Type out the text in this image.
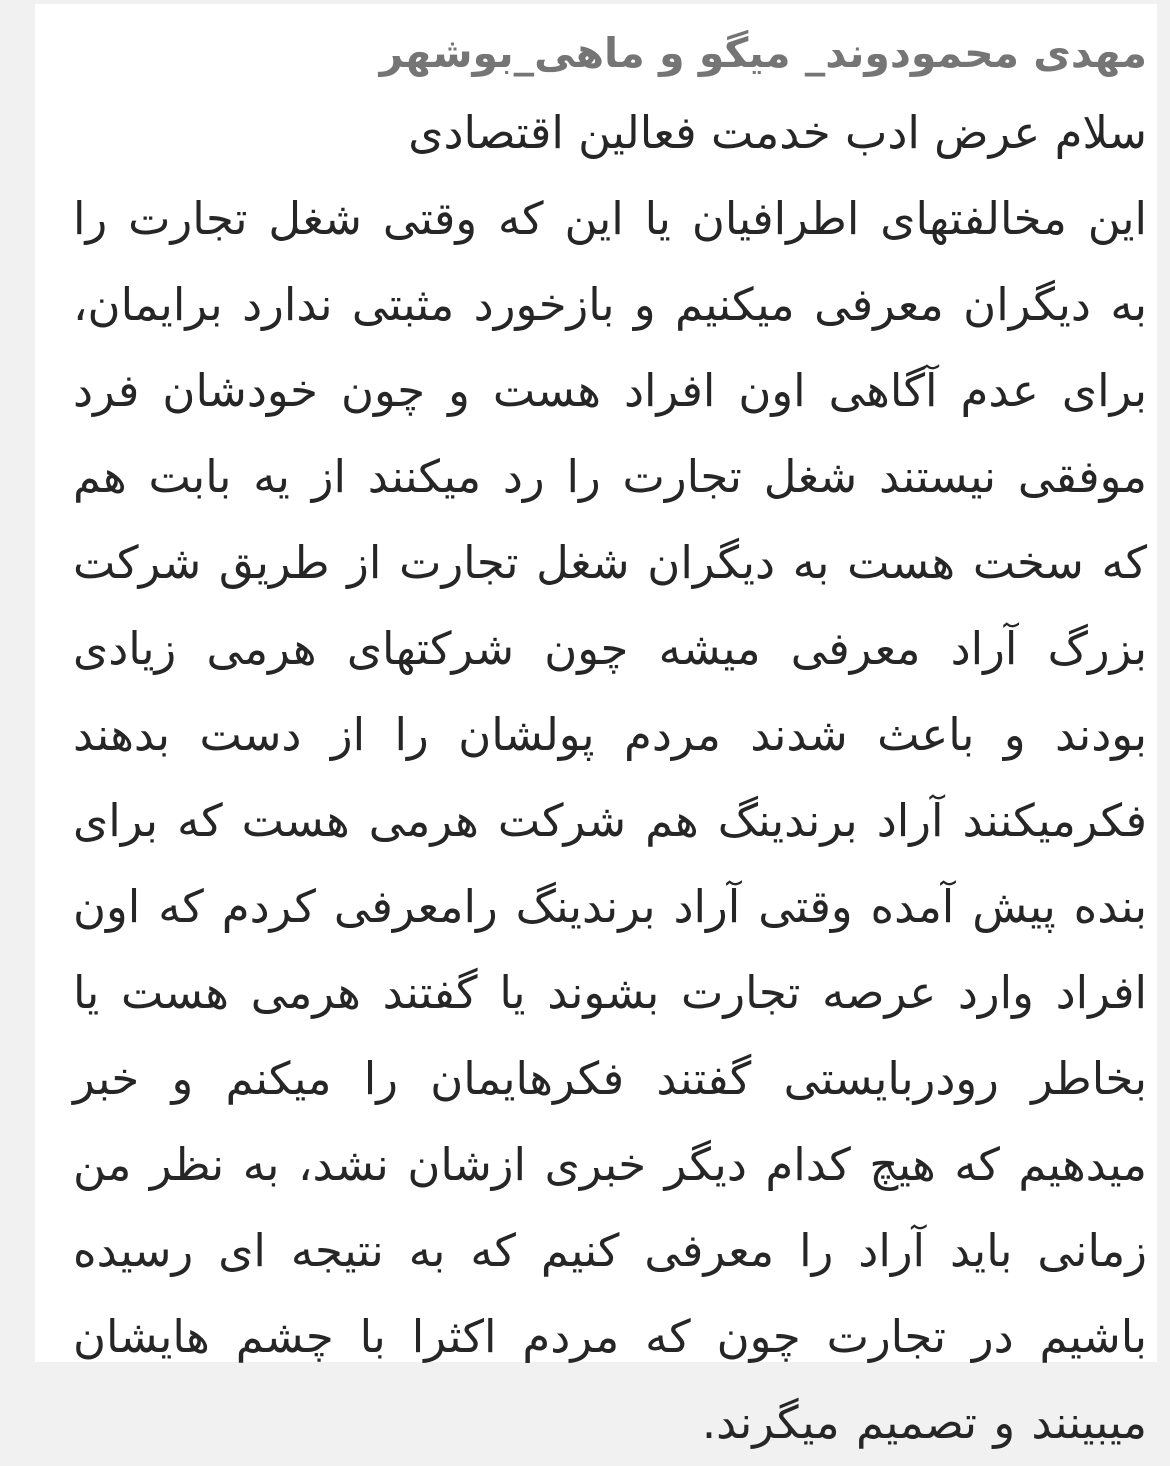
مهدی محمودوند_ میگو و ماهی_بوشهر

سلام عرض ادب خدمت فعالین اقتصادی

این مخالفتهای اطرافیان یا این که وقتی شغل تجارت را به دیگران معرفی میکنیم و بازخورد مثبتی ندارد برایمان، برای عدم آگاهی اون افراد هست و چون خودشان فرد موفقی نیستند شغل تجارت را رد میکنند از یه بابت هم که سخت هست به دیگران شغل تجارت از طریق شرکت بزرگ آراد معرفی میشه چون شرکتهای هرمی زیادی بودند و باعث شدند مردم پولشان را از دست بدهند فکرمیکنند آراد برندینگ هم شرکت هرمی هست که برای بنده پیش آمده وقتی آراد برندینگ رامعرفی کردم که اون افراد وارد عرصه تجارت بشوند یا گفتند هرمی هست یا بخاطر رودربایستی گفتند فکرهایمان را میکنم و خبر میدهیم که هیچ کدام دیگر خبری ازشان نشد، به نظر من زمانی باید آراد را معرفی کنیم که به نتیجه ای رسیده باشیم در تجارت چون که مردم اکثرا با چشم هایشان میبینند و تصمیم میگرند.
